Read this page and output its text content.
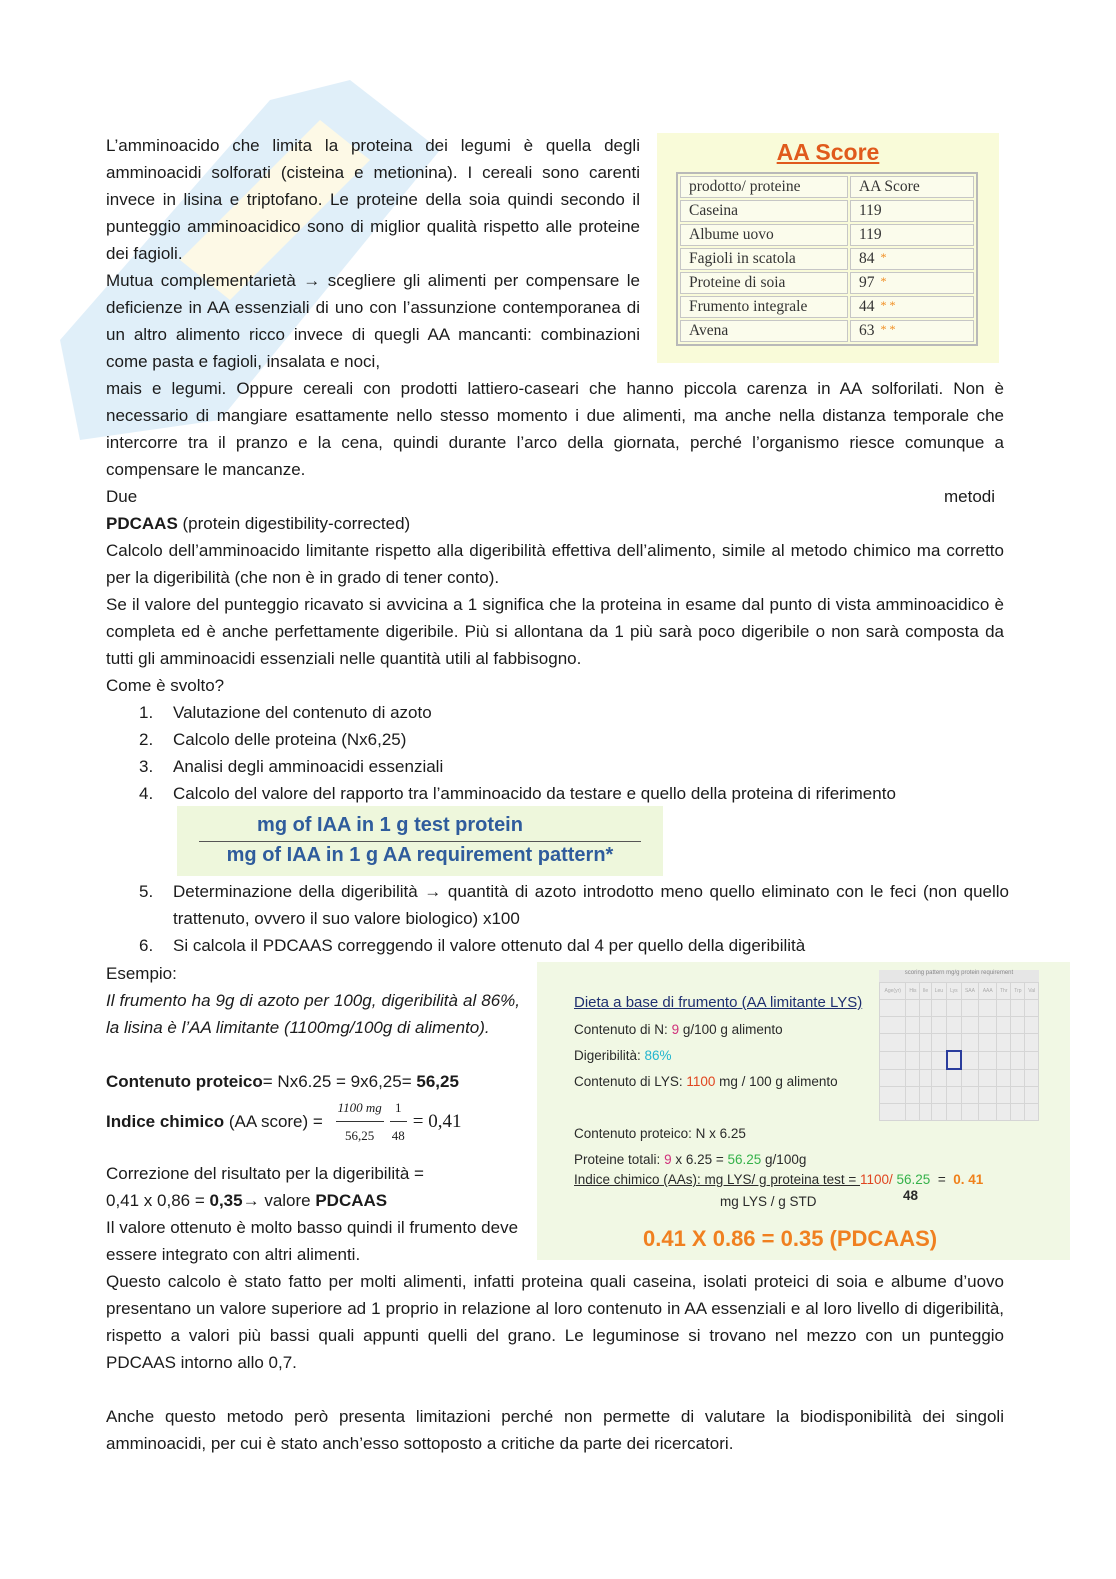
L’amminoacido che limita la proteina dei legumi è quella degli amminoacidi solforati (cisteina e metionina). I cereali sono carenti invece in lisina e triptofano. Le proteine della soia quindi secondo il punteggio amminoacidico sono di miglior qualità rispetto alle proteine dei fagioli.
Mutua complementarietà → scegliere gli alimenti per compensare le deficienze in AA essenziali di uno con l’assunzione contemporanea di un altro alimento ricco invece di quegli AA mancanti: combinazioni come pasta e fagioli, insalata e noci,
mais e legumi. Oppure cereali con prodotti lattiero-caseari che hanno piccola carenza in AA solforilati. Non è necessario di mangiare esattamente nello stesso momento i due alimenti, ma anche nella distanza temporale che intercorre tra il pranzo e la cena, quindi durante l’arco della giornata, perché l’organismo riesce comunque a compensare le mancanze.
Due	metodi
AA Score
prodotto/ proteine	AA Score
Caseina	119
Albume uovo	119
Fagioli in scatola	84 *
Proteine di soia	97 *
Frumento integrale	44 * *
Avena	63 * *
PDCAAS (protein digestibility-corrected)
Calcolo dell’amminoacido limitante rispetto alla digeribilità effettiva dell’alimento, simile al metodo chimico ma corretto per la digeribilità (che non è in grado di tener conto).
Se il valore del punteggio ricavato si avvicina a 1 significa che la proteina in esame dal punto di vista amminoacidico è completa ed è anche perfettamente digeribile. Più si allontana da 1 più sarà poco digeribile o non sarà composta da tutti gli amminoacidi essenziali nelle quantità utili al fabbisogno.
Come è svolto?
1.	Valutazione del contenuto di azoto
2.	Calcolo delle proteina (Nx6,25)
3.	Analisi degli amminoacidi essenziali
4.	Calcolo del valore del rapporto tra l’amminoacido da testare e quello della proteina di riferimento
mg of IAA in 1 g test protein
mg of IAA in 1 g AA requirement pattern*
5.	Determinazione della digeribilità → quantità di azoto introdotto meno quello eliminato con le feci (non quello trattenuto, ovvero il suo valore biologico) x100
6.	Si calcola il PDCAAS correggendo il valore ottenuto dal 4 per quello della digeribilità
Esempio:
Il frumento ha 9g di azoto per 100g, digeribilità al 86%, la lisina è l’AA limitante (1100mg/100g di alimento).
Contenuto proteico= Nx6.25 = 9x6,25= 56,25
Indice chimico (AA score) = $\frac{1100 mg}{56,25} \frac{1}{48} = 0,41$
Correzione del risultato per la digeribilità =
0,41 x 0,86 = 0,35→ valore PDCAAS
Il valore ottenuto è molto basso quindi il frumento deve essere integrato con altri alimenti.
scoring pattern mg/g protein requirement
Age(yr)	His	Ile	Leu	Lys	SAA	AAA	Thr	Trp	Val

Dieta a base di frumento (AA limitante LYS)
Contenuto di N: 9 g/100 g alimento
Digeribilità: 86%
Contenuto di LYS: 1100 mg / 100 g alimento
Contenuto proteico: N x 6.25
Proteine totali: 9 x 6.25 = 56.25 g/100g
Indice chimico (AAs): mg LYS/ g proteina test = 1100/ 56.25  =  0. 41
mg LYS / g STD	48
0.41 X 0.86 = 0.35 (PDCAAS)
Questo calcolo è stato fatto per molti alimenti, infatti proteina quali caseina, isolati proteici di soia e albume d’uovo presentano un valore superiore ad 1 proprio in relazione al loro contenuto in AA essenziali e al loro livello di digeribilità, rispetto a valori più bassi quali appunti quelli del grano. Le leguminose si trovano nel mezzo con un punteggio PDCAAS intorno allo 0,7.
Anche questo metodo però presenta limitazioni perché non permette di valutare la biodisponibilità dei singoli amminoacidi, per cui è stato anch’esso sottoposto a critiche da parte dei ricercatori.
